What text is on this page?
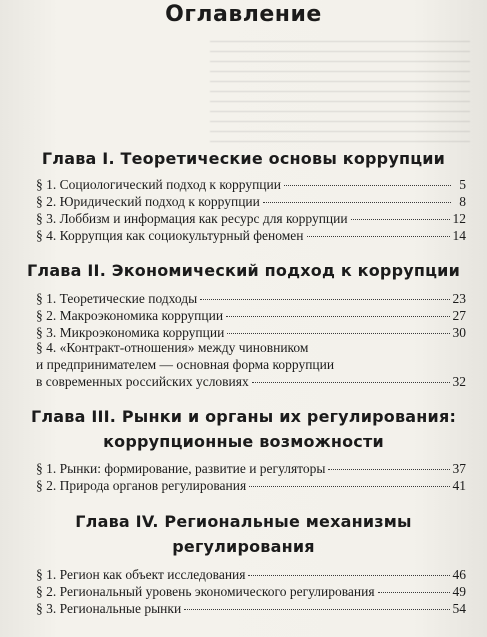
Оглавление
Глава I. Теоретические основы коррупции
§ 1. Социологический подход к коррупции	5
§ 2. Юридический подход к коррупции	8
§ 3. Лоббизм и информация как ресурс для коррупции	12
§ 4. Коррупция как социокультурный феномен	14
Глава II. Экономический подход к коррупции
§ 1. Теоретические подходы	23
§ 2. Макроэкономика коррупции	27
§ 3. Микроэкономика коррупции	30
§ 4. «Контракт-отношения» между чиновником
и предпринимателем — основная форма коррупции
в современных российских условиях	32
Глава III. Рынки и органы их регулирования:
коррупционные возможности
§ 1. Рынки: формирование, развитие и регуляторы	37
§ 2. Природа органов регулирования	41
Глава IV. Региональные механизмы
регулирования
§ 1. Регион как объект исследования	46
§ 2. Региональный уровень экономического регулирования	49
§ 3. Региональные рынки	54
